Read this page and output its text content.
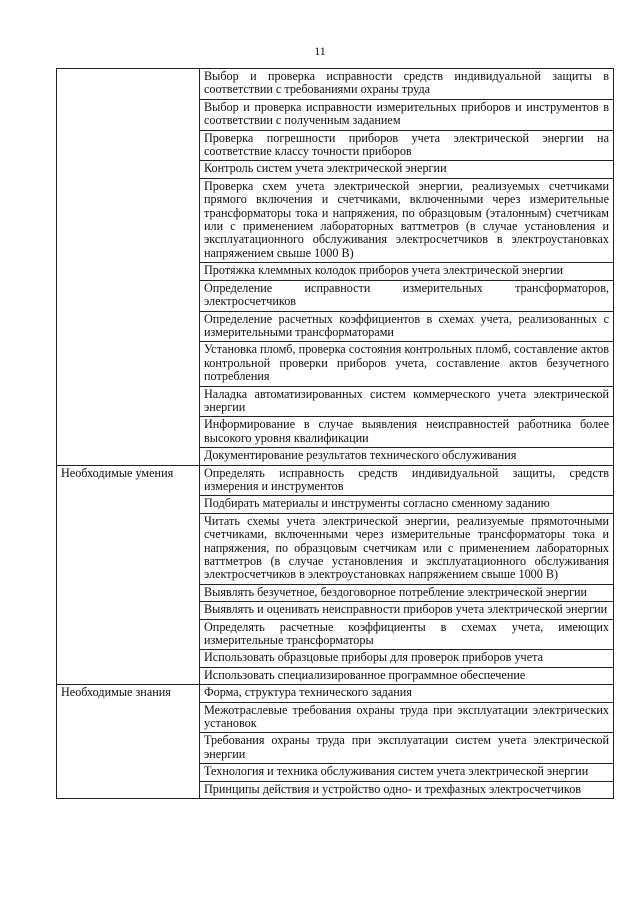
11
	Выбор и проверка исправности средств индивидуальной защиты в соответствии с требованиями охраны труда
	Выбор и проверка исправности измерительных приборов и инструментов в соответствии с полученным заданием
	Проверка погрешности приборов учета электрической энергии на соответствие классу точности приборов
	Контроль систем учета электрической энергии
	Проверка схем учета электрической энергии, реализуемых счетчиками прямого включения и счетчиками, включенными через измерительные трансформаторы тока и напряжения, по образцовым (эталонным) счетчикам или с применением лабораторных ваттметров (в случае установления и эксплуатационного обслуживания электросчетчиков в электроустановках напряжением свыше 1000 В)
	Протяжка клеммных колодок приборов учета электрической энергии
	Определение исправности измерительных трансформаторов, электросчетчиков
	Определение расчетных коэффициентов в схемах учета, реализованных с измерительными трансформаторами
	Установка пломб, проверка состояния контрольных пломб, составление актов контрольной проверки приборов учета, составление актов безучетного потребления
	Наладка автоматизированных систем коммерческого учета электрической энергии
	Информирование в случае выявления неисправностей работника более высокого уровня квалификации
	Документирование результатов технического обслуживания
Необходимые умения	Определять исправность средств индивидуальной защиты, средств измерения и инструментов
	Подбирать материалы и инструменты согласно сменному заданию
	Читать схемы учета электрической энергии, реализуемые прямоточными счетчиками, включенными через измерительные трансформаторы тока и напряжения, по образцовым счетчикам или с применением лабораторных ваттметров (в случае установления и эксплуатационного обслуживания электросчетчиков в электроустановках напряжением свыше 1000 В)
	Выявлять безучетное, бездоговорное потребление электрической энергии
	Выявлять и оценивать неисправности приборов учета электрической энергии
	Определять расчетные коэффициенты в схемах учета, имеющих измерительные трансформаторы
	Использовать образцовые приборы для проверок приборов учета
	Использовать специализированное программное обеспечение
Необходимые знания	Форма, структура технического задания
	Межотраслевые требования охраны труда при эксплуатации электрических установок
	Требования охраны труда при эксплуатации систем учета электрической энергии
	Технология и техника обслуживания систем учета электрической энергии
	Принципы действия и устройство одно- и трехфазных электросчетчиков
